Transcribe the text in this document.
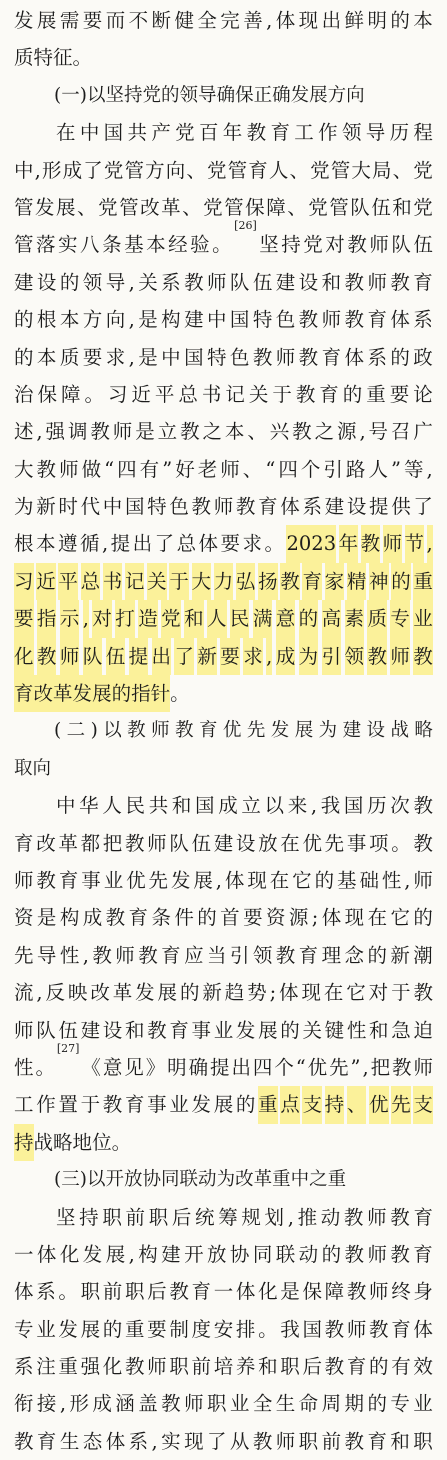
发 展 需 要 而 不 断 健 全 完 善 , 体 现 出 鲜 明 的 本
质 特 征 。
( 一 ) 以 坚 持 党 的 领 导 确 保 正 确 发 展 方 向
在 中 国 共 产 党 百 年 教 育 工 作 领 导 历 程
中 , 形 成 了 党 管 方 向 、 党 管 育 人 、 党 管 大 局 、 党
管 发 展 、 党 管 改 革 、 党 管 保 障 、 党 管 队 伍 和 党
管 落 实 八 条 基 本 经 验 。
[26]
坚 持 党 对 教 师 队 伍
建 设 的 领 导 , 关 系 教 师 队 伍 建 设 和 教 师 教 育
的 根 本 方 向 , 是 构 建 中 国 特 色 教 师 教 育 体 系
的 本 质 要 求 , 是 中 国 特 色 教 师 教 育 体 系 的 政
治 保 障 。 习 近 平 总 书 记 关 于 教 育 的 重 要 论
述 , 强 调 教 师 是 立 教 之 本 、 兴 教 之 源 , 号 召 广
大 教 师 做 “ 四 有 ” 好 老 师 、 “ 四 个 引 路 人 ” 等 ,
为 新 时 代 中 国 特 色 教 师 教 育 体 系 建 设 提 供 了
根 本 遵 循 , 提 出 了 总 体 要 求 。 2023 年 教 师 节 ,
习 近 平 总 书 记 关 于 大 力 弘 扬 教 育 家 精 神 的 重
要 指 示 , 对 打 造 党 和 人 民 满 意 的 高 素 质 专 业
化 教 师 队 伍 提 出 了 新 要 求 , 成 为 引 领 教 师 教
育 改 革 发 展 的 指 针 。
( 二 ) 以 教 师 教 育 优 先 发 展 为 建 设 战 略
取 向
中 华 人 民 共 和 国 成 立 以 来 , 我 国 历 次 教
育 改 革 都 把 教 师 队 伍 建 设 放 在 优 先 事 项 。 教
师 教 育 事 业 优 先 发 展 , 体 现 在 它 的 基 础 性 , 师
资 是 构 成 教 育 条 件 的 首 要 资 源 ; 体 现 在 它 的
先 导 性 , 教 师 教 育 应 当 引 领 教 育 理 念 的 新 潮
流 , 反 映 改 革 发 展 的 新 趋 势 ; 体 现 在 它 对 于 教
师 队 伍 建 设 和 教 育 事 业 发 展 的 关 键 性 和 急 迫
性 。
[27]
《 意 见 》 明 确 提 出 四 个 “ 优 先 ” , 把 教 师
工 作 置 于 教 育 事 业 发 展 的 重 点 支 持 、 优 先 支
持 战 略 地 位 。
( 三 ) 以 开 放 协 同 联 动 为 改 革 重 中 之 重
坚 持 职 前 职 后 统 筹 规 划 , 推 动 教 师 教 育
一 体 化 发 展 , 构 建 开 放 协 同 联 动 的 教 师 教 育
体 系 。 职 前 职 后 教 育 一 体 化 是 保 障 教 师 终 身
专 业 发 展 的 重 要 制 度 安 排 。 我 国 教 师 教 育 体
系 注 重 强 化 教 师 职 前 培 养 和 职 后 教 育 的 有 效
衔 接 , 形 成 涵 盖 教 师 职 业 全 生 命 周 期 的 专 业
教 育 生 态 体 系 , 实 现 了 从 教 师 职 前 教 育 和 职
